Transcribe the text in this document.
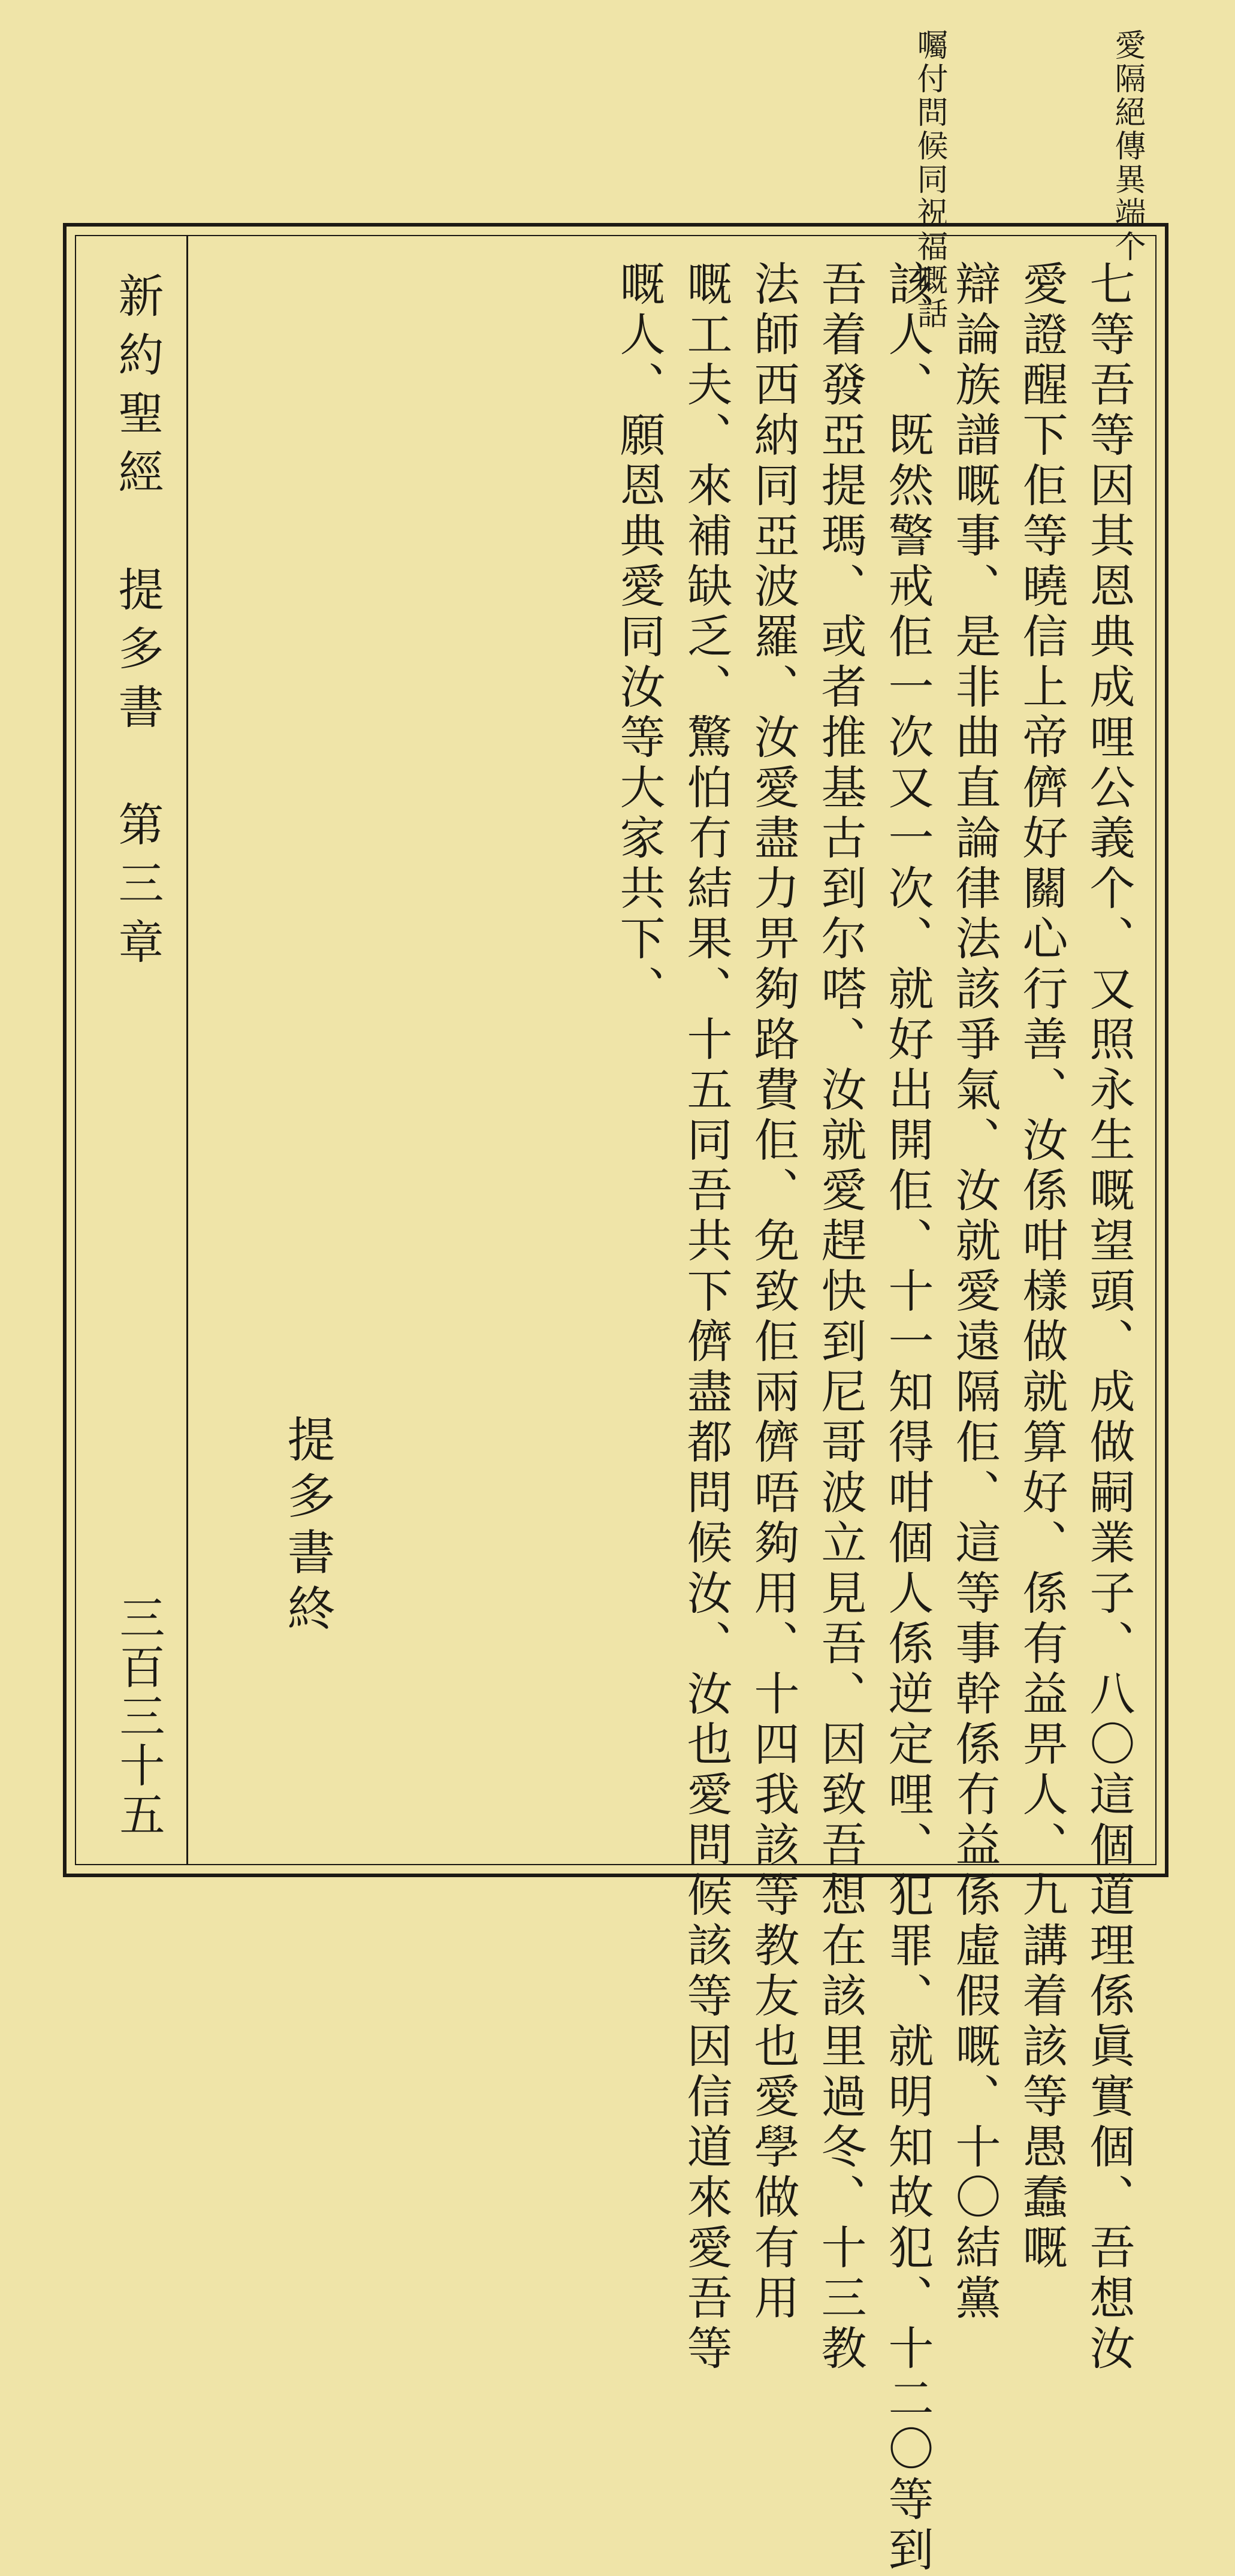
愛隔絕傳異端个
囑付問候同祝福嘅話
新約聖經　提多書　第三章
三百三十五	七等吾等因其恩典成哩公義个、又照永生嘅望頭、成做嗣業子、八〇這個道理係眞實個、吾想汝
愛證醒下佢等曉信上帝儕好關心行善、汝係咁樣做就算好、係有益畀人、九講着該等愚蠢嘅
辯論族譜嘅事、是非曲直論律法該爭氣、汝就愛遠隔佢、這等事幹係冇益係虛假嘅、十〇結黨
該人、既然警戒佢一次又一次、就好出開佢、十一知得咁個人係逆定哩、犯罪、就明知故犯、十二〇等到
吾着發亞提瑪、或者推基古到尔嗒、汝就愛趕快到尼哥波立見吾、因致吾想在該里過冬、十三教
法師西納同亞波羅、汝愛盡力畀夠路費佢、免致佢兩儕唔夠用、十四我該等教友也愛學做有用
嘅工夫、來補缺乏、驚怕冇結果、十五同吾共下儕盡都問候汝、汝也愛問候該等因信道來愛吾等
嘅人、願恩典愛同汝等大家共下、
提多書終
